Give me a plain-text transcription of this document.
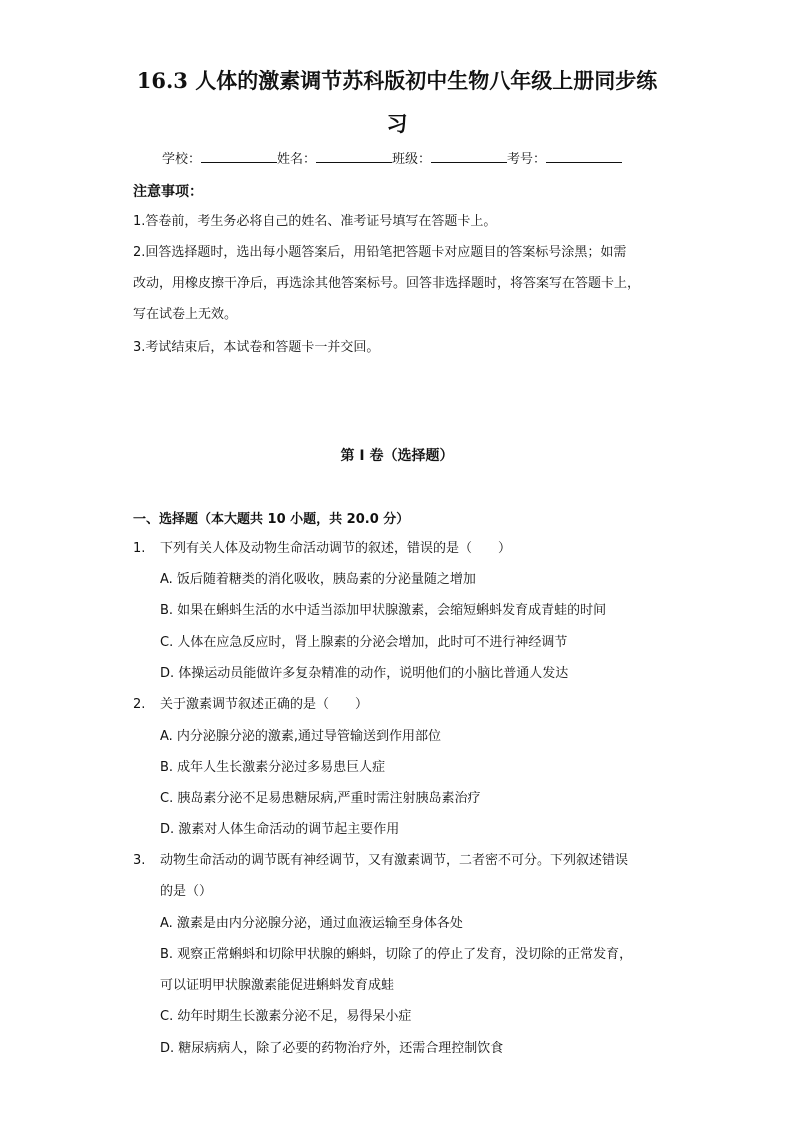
16.3 人体的激素调节苏科版初中生物八年级上册同步练
习
学校：	姓名：	班级：	考号：
注意事项：
1.答卷前，考生务必将自己的姓名、准考证号填写在答题卡上。
2.回答选择题时，选出每小题答案后，用铅笔把答题卡对应题目的答案标号涂黑；如需
改动，用橡皮擦干净后，再选涂其他答案标号。回答非选择题时，将答案写在答题卡上，
写在试卷上无效。
3.考试结束后，本试卷和答题卡一并交回。
第 I 卷（选择题）
一、选择题（本大题共 10 小题，共 20.0 分）
1. 下列有关人体及动物生命活动调节的叙述，错误的是（　　）
A. 饭后随着糖类的消化吸收，胰岛素的分泌量随之增加
B. 如果在蝌蚪生活的水中适当添加甲状腺激素，会缩短蝌蚪发育成青蛙的时间
C. 人体在应急反应时，肾上腺素的分泌会增加，此时可不进行神经调节
D. 体操运动员能做许多复杂精准的动作，说明他们的小脑比普通人发达
2. 关于激素调节叙述正确的是（　　）
A. 内分泌腺分泌的激素,通过导管输送到作用部位
B. 成年人生长激素分泌过多易患巨人症
C. 胰岛素分泌不足易患糖尿病,严重时需注射胰岛素治疗
D. 激素对人体生命活动的调节起主要作用
3. 动物生命活动的调节既有神经调节，又有激素调节，二者密不可分。下列叙述错误
的是（）
A. 激素是由内分泌腺分泌，通过血液运输至身体各处
B. 观察正常蝌蚪和切除甲状腺的蝌蚪，切除了的停止了发育，没切除的正常发育，
可以证明甲状腺激素能促进蝌蚪发育成蛙
C. 幼年时期生长激素分泌不足，易得呆小症
D. 糖尿病病人，除了必要的药物治疗外，还需合理控制饮食
